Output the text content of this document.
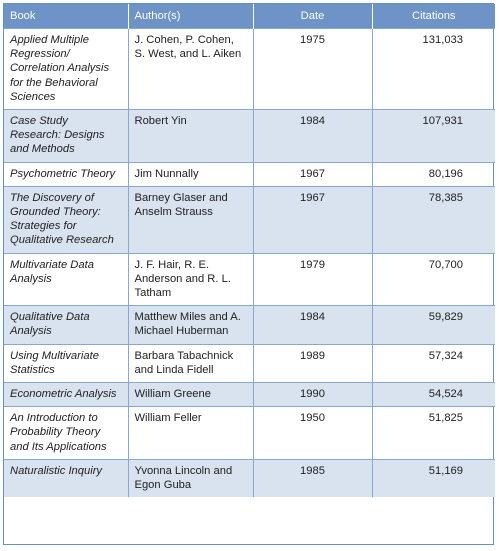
Book	Author(s)	Date	Citations
Applied Multiple Regression/ Correlation Analysis for the Behavioral Sciences	J. Cohen, P. Cohen, S. West, and L. Aiken	1975	131,033
Case Study Research: Designs and Methods	Robert Yin	1984	107,931
Psychometric Theory	Jim Nunnally	1967	80,196
The Discovery of Grounded Theory: Strategies for Qualitative Research	Barney Glaser and Anselm Strauss	1967	78,385
Multivariate Data Analysis	J. F. Hair, R. E. Anderson and R. L. Tatham	1979	70,700
Qualitative Data Analysis	Matthew Miles and A. Michael Huberman	1984	59,829
Using Multivariate Statistics	Barbara Tabachnick and Linda Fidell	1989	57,324
Econometric Analysis	William Greene	1990	54,524
An Introduction to Probability Theory and Its Applications	William Feller	1950	51,825
Naturalistic Inquiry	Yvonna Lincoln and Egon Guba	1985	51,169
